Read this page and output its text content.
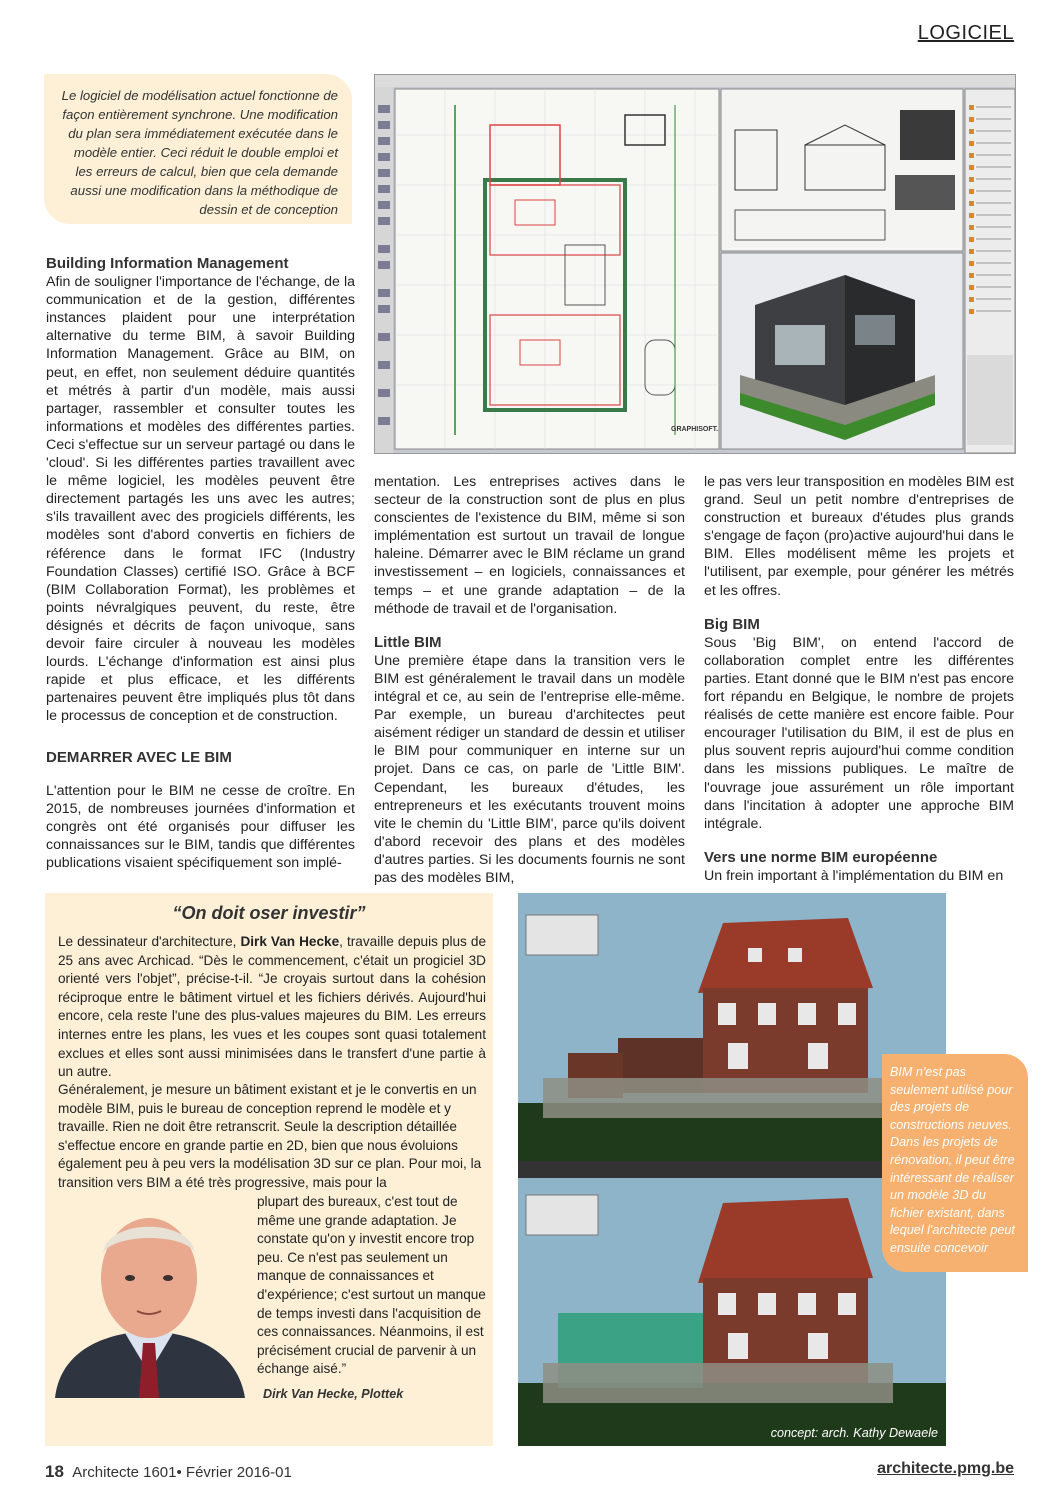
LOGICIEL
Le logiciel de modélisation actuel fonctionne de façon entièrement synchrone. Une modification du plan sera immédiatement exécutée dans le modèle entier. Ceci réduit le double emploi et les erreurs de calcul, bien que cela demande aussi une modification dans la méthodique de dessin et de conception
GRAPHISOFT.

Building Information Management
Afin de souligner l'importance de l'échange, de la communication et de la gestion, différentes instances plaident pour une interprétation alternative du terme BIM, à savoir Building Information Management. Grâce au BIM, on peut, en effet, non seulement déduire quantités et métrés à partir d'un modèle, mais aussi partager, rassembler et consulter toutes les informations et modèles des différentes parties. Ceci s'effectue sur un serveur partagé ou dans le 'cloud'. Si les différentes parties travaillent avec le même logiciel, les modèles peuvent être directement partagés les uns avec les autres; s'ils travaillent avec des progiciels différents, les modèles sont d'abord convertis en fichiers de référence dans le format IFC (Industry Foundation Classes) certifié ISO. Grâce à BCF (BIM Collaboration Format), les problèmes et points névralgiques peuvent, du reste, être désignés et décrits de façon univoque, sans devoir faire circuler à nouveau les modèles lourds. L'échange d'information est ainsi plus rapide et plus efficace, et les différents partenaires peuvent être impliqués plus tôt dans le processus de conception et de construction.

DEMARRER AVEC LE BIM

L'attention pour le BIM ne cesse de croître. En 2015, de nombreuses journées d'information et congrès ont été organisés pour diffuser les connaissances sur le BIM, tandis que différentes publications visaient spécifiquement son implé-

mentation. Les entreprises actives dans le secteur de la construction sont de plus en plus conscientes de l'existence du BIM, même si son implémentation est surtout un travail de longue haleine. Démarrer avec le BIM réclame un grand investissement – en logiciels, connaissances et temps – et une grande adaptation – de la méthode de travail et de l'organisation.

Little BIM
Une première étape dans la transition vers le BIM est généralement le travail dans un modèle intégral et ce, au sein de l'entreprise elle-même. Par exemple, un bureau d'architectes peut aisément rédiger un standard de dessin et utiliser le BIM pour communiquer en interne sur un projet. Dans ce cas, on parle de 'Little BIM'. Cependant, les bureaux d'études, les entrepreneurs et les exécutants trouvent moins vite le chemin du 'Little BIM', parce qu'ils doivent d'abord recevoir des plans et des modèles d'autres parties. Si les documents fournis ne sont pas des modèles BIM,

le pas vers leur transposition en modèles BIM est grand. Seul un petit nombre d'entreprises de construction et bureaux d'études plus grands s'engage de façon (pro)active aujourd'hui dans le BIM. Elles modélisent même les projets et l'utilisent, par exemple, pour générer les métrés et les offres.

Big BIM
Sous 'Big BIM', on entend l'accord de collaboration complet entre les différentes parties. Etant donné que le BIM n'est pas encore fort répandu en Belgique, le nombre de projets réalisés de cette manière est encore faible. Pour encourager l'utilisation du BIM, il est de plus en plus souvent repris aujourd'hui comme condition dans les missions publiques. Le maître de l'ouvrage joue assurément un rôle important dans l'incitation à adopter une approche BIM intégrale.

Vers une norme BIM européenne
Un frein important à l'implémentation du BIM en

“On doit oser investir”
Le dessinateur d'architecture, Dirk Van Hecke, travaille depuis plus de 25 ans avec Archicad. “Dès le commencement, c'était un progiciel 3D orienté vers l'objet”, précise-t-il. “Je croyais surtout dans la cohésion réciproque entre le bâtiment virtuel et les fichiers dérivés. Aujourd'hui encore, cela reste l'une des plus-values majeures du BIM. Les erreurs internes entre les plans, les vues et les coupes sont quasi totalement exclues et elles sont aussi minimisées dans le transfert d'une partie à un autre.
Généralement, je mesure un bâtiment existant et je le convertis en un modèle BIM, puis le bureau de conception reprend le modèle et y travaille. Rien ne doit être retranscrit. Seule la description détaillée s'effectue encore en grande partie en 2D, bien que nous évoluions également peu à peu vers la modélisation 3D sur ce plan. Pour moi, la transition vers BIM a été très progressive, mais pour la
plupart des bureaux, c'est tout de même une grande adaptation. Je constate qu'on y investit encore trop peu. Ce n'est pas seulement un manque de connaissances et d'expérience; c'est surtout un manque de temps investi dans l'acquisition de ces connaissances. Néanmoins, il est précisément crucial de parvenir à un échange aisé.”
Dirk Van Hecke, Plottek
concept: arch. Kathy Dewaele
BIM n'est pas seulement utilisé pour des projets de constructions neuves. Dans les projets de rénovation, il peut être intéressant de réaliser un modèle 3D du fichier existant, dans lequel l'architecte peut ensuite concevoir
18 Architecte 1601• Février 2016-01	architecte.pmg.be
